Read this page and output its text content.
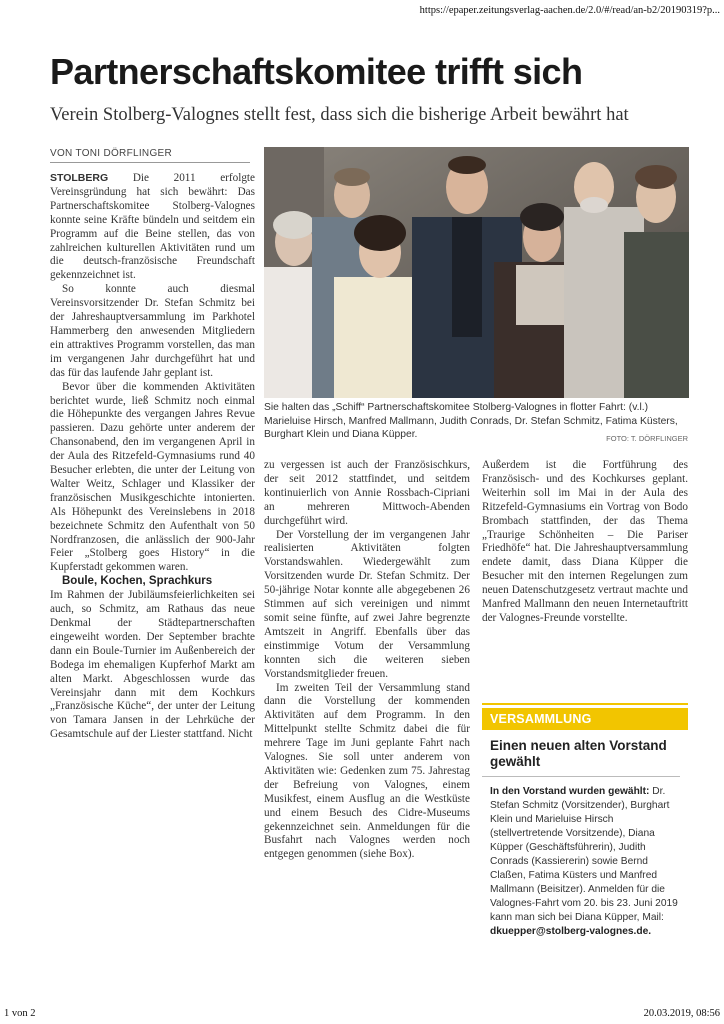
https://epaper.zeitungsverlag-aachen.de/2.0/#/read/an-b2/20190319?p...
Partnerschaftskomitee trifft sich
Verein Stolberg-Valognes stellt fest, dass sich die bisherige Arbeit bewährt hat
VON TONI DÖRFLINGER

STOLBERG Die 2011 erfolgte Vereinsgründung hat sich bewährt: Das Partnerschaftskomitee Stolberg-Valognes konnte seine Kräfte bündeln und seitdem ein Programm auf die Beine stellen, das von zahlreichen kulturellen Aktivitäten rund um die deutsch-französische Freundschaft gekennzeichnet ist.

So konnte auch diesmal Vereinsvorsitzender Dr. Stefan Schmitz bei der Jahreshauptversammlung im Parkhotel Hammerberg den anwesenden Mitgliedern ein attraktives Programm vorstellen, das man im vergangenen Jahr durchgeführt hat und das für das laufende Jahr geplant ist.

Bevor über die kommenden Aktivitäten berichtet wurde, ließ Schmitz noch einmal die Höhepunkte des vergangen Jahres Revue passieren. Dazu gehörte unter anderem der Chansonabend, den im vergangenen April in der Aula des Ritzefeld-Gymnasiums rund 40 Besucher erlebten, die unter der Leitung von Walter Weitz, Schlager und Klassiker der französischen Musikgeschichte intonierten. Als Höhepunkt des Vereinslebens in 2018 bezeichnete Schmitz den Aufenthalt von 50 Nordfranzosen, die anlässlich der 900-Jahr Feier „Stolberg goes History“ in die Kupferstadt gekommen waren.

Boule, Kochen, Sprachkurs

Im Rahmen der Jubiläumsfeierlichkeiten sei auch, so Schmitz, am Rathaus das neue Denkmal der Städtepartnerschaften eingeweiht worden. Der September brachte dann ein Boule-Turnier im Außenbereich der Bodega im ehemaligen Kupferhof Markt am alten Markt. Abgeschlossen wurde das Vereinsjahr dann mit dem Kochkurs „Französische Küche“, der unter der Leitung von Tamara Jansen in der Lehrküche der Gesamtschule auf der Liester stattfand. Nicht

Sie halten das „Schiff“ Partnerschaftskomitee Stolberg-Valognes in flotter Fahrt: (v.l.) Marieluise Hirsch, Manfred Mallmann, Judith Conrads, Dr. Stefan Schmitz, Fatima Küsters, Burghart Klein und Diana Küpper.	FOTO: T. DÖRFLINGER

zu vergessen ist auch der Französischkurs, der seit 2012 stattfindet, und seitdem kontinuierlich von Annie Rossbach-Cipriani an mehreren Mittwoch-Abenden durchgeführt wird.

Der Vorstellung der im vergangenen Jahr realisierten Aktivitäten folgten Vorstandswahlen. Wiedergewählt zum Vorsitzenden wurde Dr. Stefan Schmitz. Der 50-jährige Notar konnte alle abgegebenen 26 Stimmen auf sich vereinigen und nimmt somit seine fünfte, auf zwei Jahre begrenzte Amtszeit in Angriff. Ebenfalls über das einstimmige Votum der Versammlung konnten sich die weiteren sieben Vorstandsmitglieder freuen.

Im zweiten Teil der Versammlung stand dann die Vorstellung der kommenden Aktivitäten auf dem Programm. In den Mittelpunkt stellte Schmitz dabei die für mehrere Tage im Juni geplante Fahrt nach Valognes. Sie soll unter anderem von Aktivitäten wie: Gedenken zum 75. Jahrestag der Befreiung von Valognes, einem Musikfest, einem Ausflug an die Westküste und einem Besuch des Cidre-Museums gekennzeichnet sein. Anmeldungen für die Busfahrt nach Valognes werden noch entgegen genommen (siehe Box).

Außerdem ist die Fortführung des Französisch- und des Kochkurses geplant. Weiterhin soll im Mai in der Aula des Ritzefeld-Gymnasiums ein Vortrag von Bodo Brombach stattfinden, der das Thema „Traurige Schönheiten – Die Pariser Friedhöfe“ hat. Die Jahreshauptversammlung endete damit, dass Diana Küpper die Besucher mit den internen Regelungen zum neuen Datenschutzgesetz vertraut machte und Manfred Mallmann den neuen Internetauftritt der Valognes-Freunde vorstellte.

VERSAMMLUNG
Einen neuen alten Vorstand gewählt
In den Vorstand wurden gewählt: Dr. Stefan Schmitz (Vorsitzender), Burghart Klein und Marieluise Hirsch (stellvertretende Vorsitzende), Diana Küpper (Geschäftsführerin), Judith Conrads (Kassiererin) sowie Bernd Claßen, Fatima Küsters und Manfred Mallmann (Beisitzer). Anmelden für die Valognes-Fahrt vom 20. bis 23. Juni 2019 kann man sich bei Diana Küpper, Mail: dkuepper@stolberg-valognes.de.
1 von 2	20.03.2019, 08:56
